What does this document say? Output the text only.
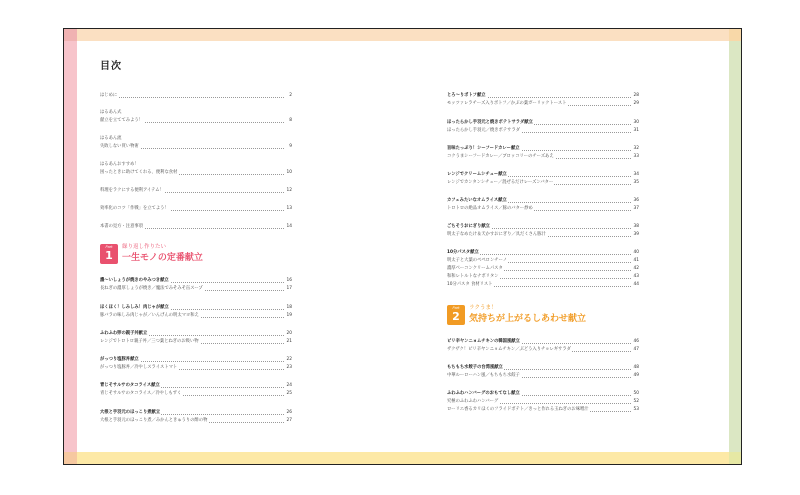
目次
はじめに	2
はるあん式
献立を立ててみよう！	8
はるあん流
失敗しない買い物術	9
はるあんおすすめ！
困ったときに助けてくれる、便利な食材	10
料理をラクにする便利アイテム！	12
効率化のコツ「作戦」を立てよう！	13
本書の見方・注意事項	14
Part
1
繰り返し作りたい
一生モノの定番献立
濃〜いしょうが焼きのやみつき献立	16
長ねぎの濃厚しょうが焼き／魔法でみそみそ缶スープ	17
ほくほく！しみしみ！肉じゃが献立	18
豚バラの味しみ肉じゃが／いんげんの明太マヨ和え	19
ふわふわ卵の親子丼献立	20
レンジでトロトロ親子丼／三つ葉とねぎのお吸い物	21
がっつり塩豚丼献立	22
がっつり塩豚丼／冷やしスライストマト	23
青じそサルサのタコライス献立	24
青じそサルサのタコライス／冷やしもずく	25
大根と手羽元のほっこり煮献立	26
大根と手羽元のほっこり煮／みかんときゅうりの酢の物	27
とろ〜りポトフ献立	28
モッツァレラチーズ入りポトフ／かぶの葉ガーリックトースト	29
ほったらかし手羽元と焼きポテトサラダ献立	30
ほったらかし手羽元／焼きポテサラダ	31
旨味たっぷり！シーフードカレー献立	32
コクうまシーフードカレー／ブロッコリーのチーズあえ	33
レンジでクリームシチュー献立	34
レンジでカンタンシチュー／混ぜるだけレーズンバター	35
カフェみたいなオムライス献立	36
トロトロの絶品オムライス／豚のバター炒め	37
ごちそうおにぎり献立	38
明太子なめたけ＆天かすおにぎり／具だくさん豚汁	39
10分パスタ献立	40
明太子と大葉のペペロンチーノ	41
濃厚ベーコンクリームパスタ	42
和和レトルトなナポリタン	43
10分パスタ 食材リスト	44
Part
2
ラクうま！
気持ちが上がるしあわせ献立
ピリ辛ヤンニョムチキンの韓国風献立	46
ザクザク！ピリ辛ヤンニョムチキン／ぶどう入りチョレギサラダ	47
もちもち水餃子の台湾風献立	48
中華ルーローハン風／もちもち水餃子	49
ふわふわハンバーグのおもてなし献立	50
究極のふわふわハンバーグ	52
ローリエ香るカリほくのフライドポテト／きっと作れる玉ねぎのお味噌汁	53
